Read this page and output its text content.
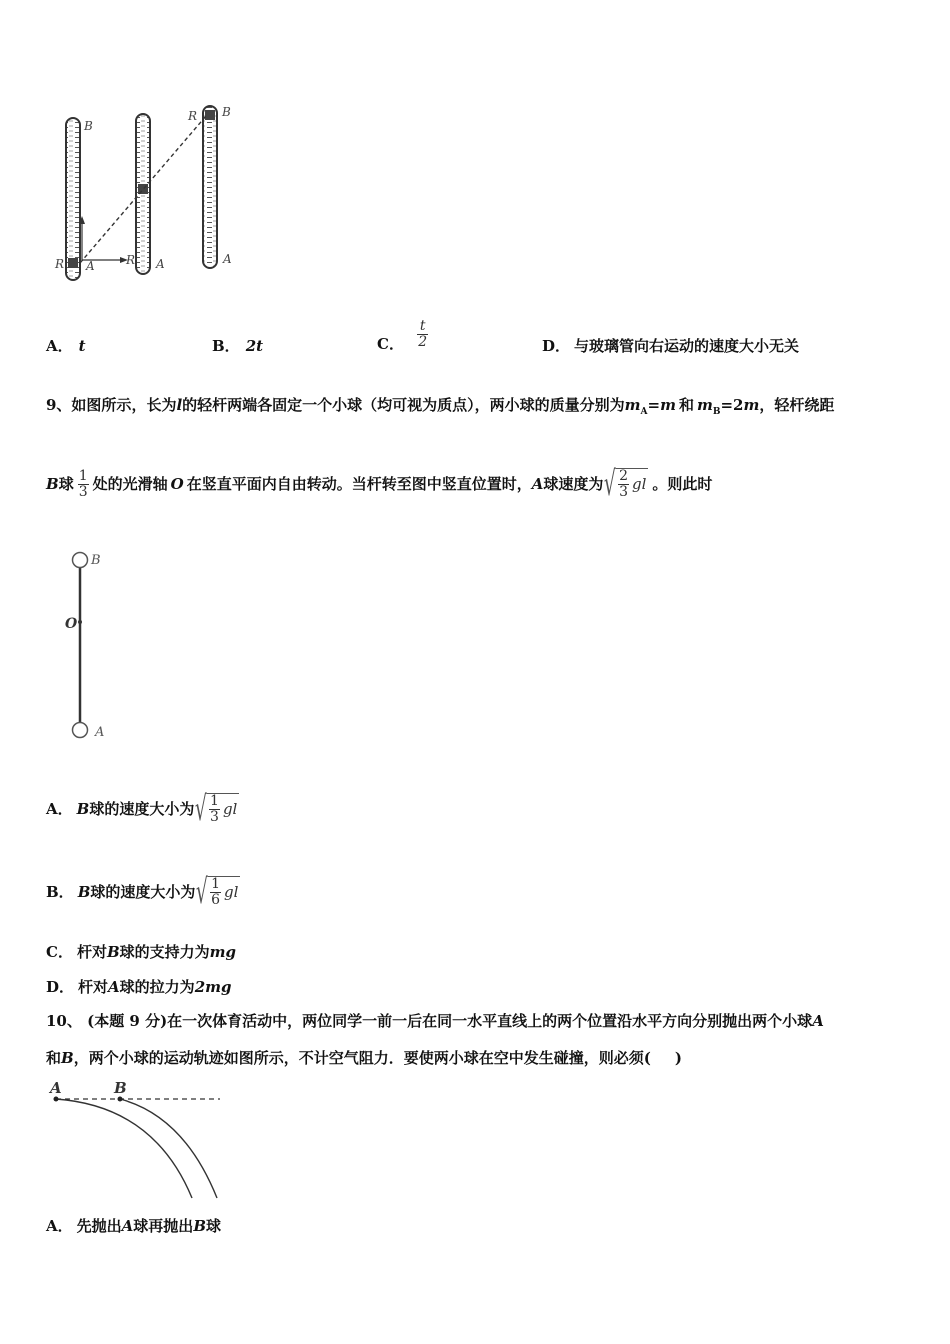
B
R A	R A
R B
A
A． t	B． 2t	C． $\frac{t}{2}$	D． 与玻璃管向右运动的速度大小无关
9、如图所示，长为l的轻杆两端各固定一个小球（均可视为质点），两小球的质量分别为$m_A=m$ 和 $m_B=2m$，轻杆绕距
B 球 $\frac{1}{3}$ 处的光滑轴 O 在竖直平面内自由转动。当杆转至图中竖直位置时， A 球速度为 √ $\frac{2}{3}$ gl 。则此时
B
O
A
A． B 球的速度大小为 √ $\frac{1}{3}$ gl
B． B 球的速度大小为 √ $\frac{1}{6}$ gl
C． 杆对B球的支持力为mg
D． 杆对A球的拉力为2mg
10、 (本题 9 分)在一次体育活动中，两位同学一前一后在同一水平直线上的两个位置沿水平方向分别抛出两个小球A
和B，两个小球的运动轨迹如图所示，不计空气阻力．要使两小球在空中发生碰撞，则必须( )
A	B
A． 先抛出A球再抛出B球
